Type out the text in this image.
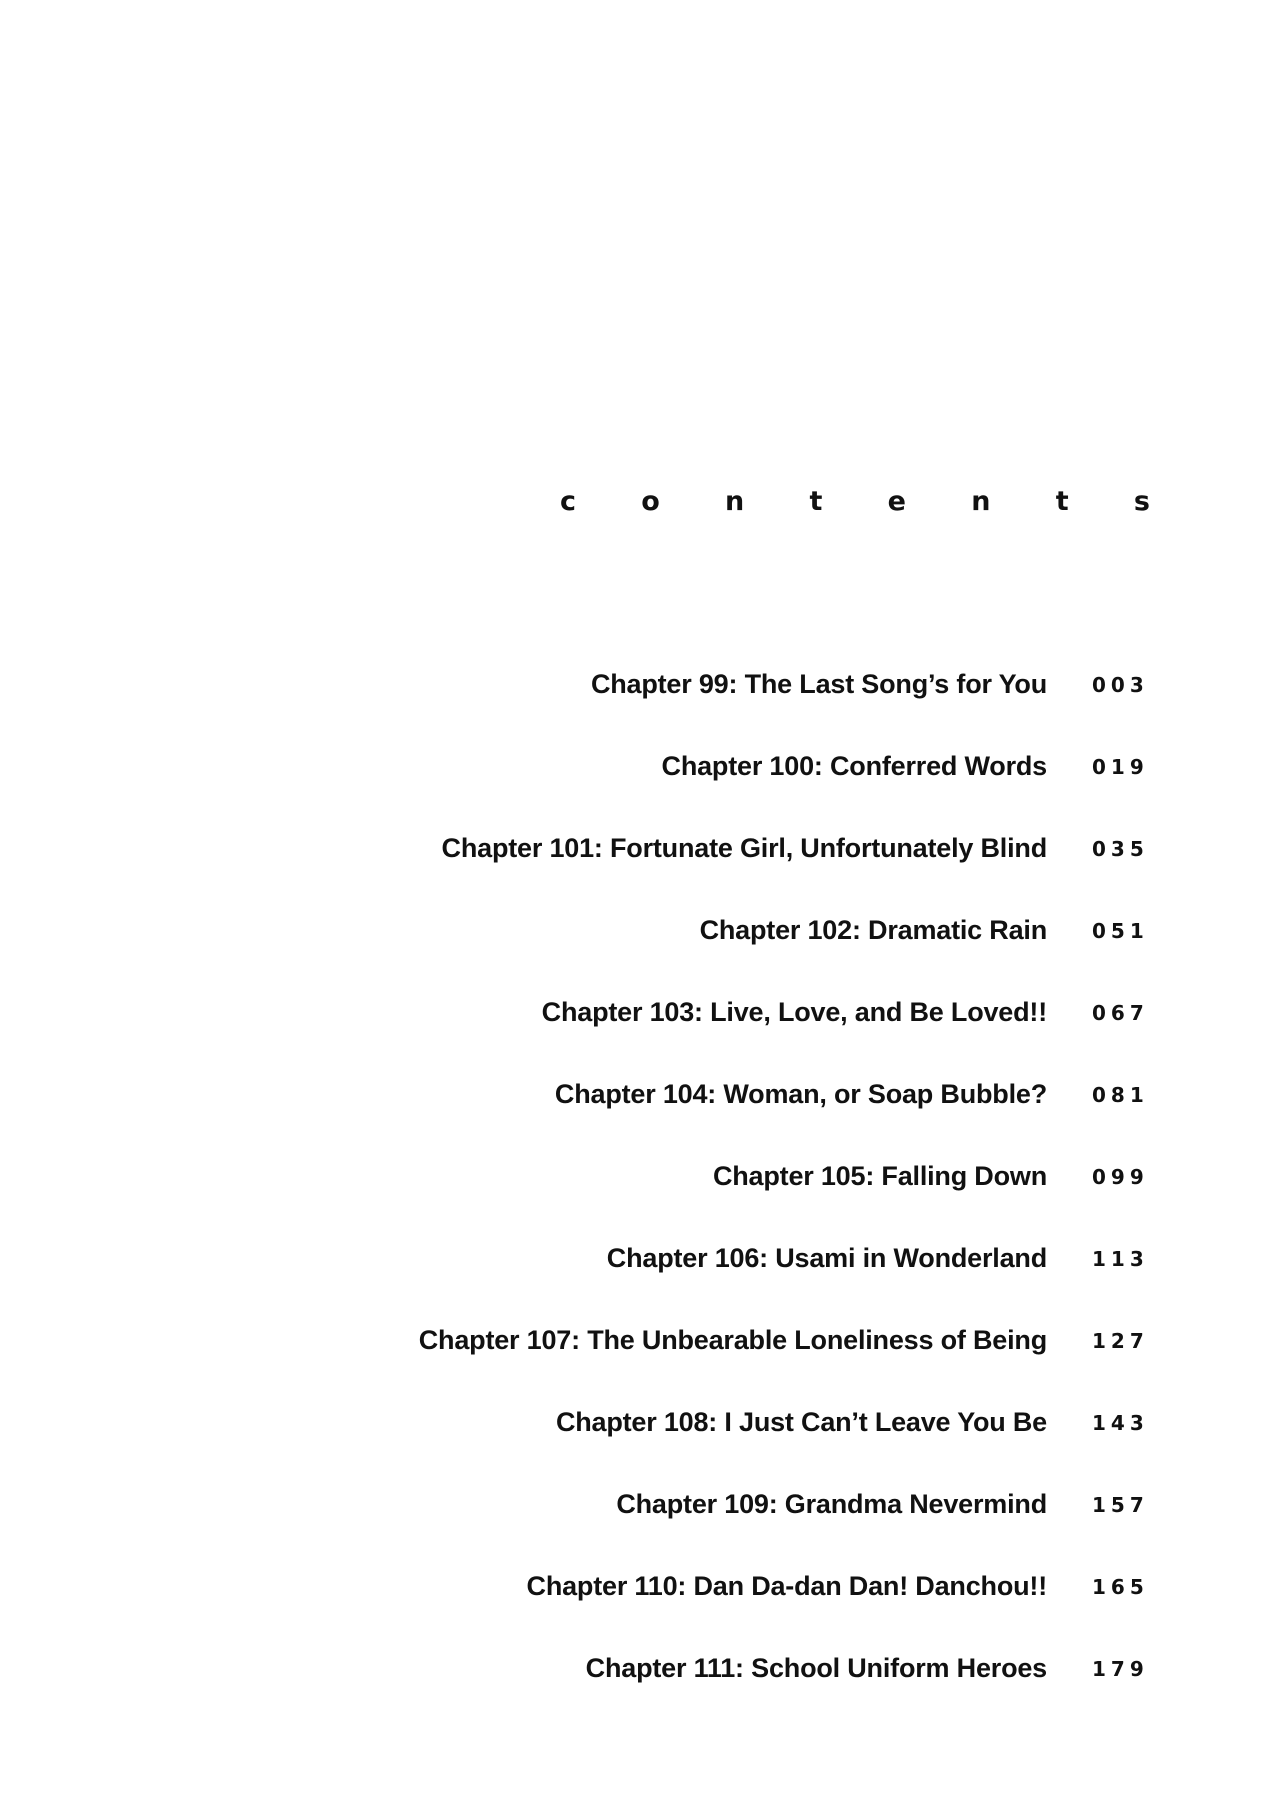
c o n t e n t s
Chapter 99: The Last Song’s for You 003
Chapter 100: Conferred Words 019
Chapter 101: Fortunate Girl, Unfortunately Blind 035
Chapter 102: Dramatic Rain 051
Chapter 103: Live, Love, and Be Loved!! 067
Chapter 104: Woman, or Soap Bubble? 081
Chapter 105: Falling Down 099
Chapter 106: Usami in Wonderland 113
Chapter 107: The Unbearable Loneliness of Being 127
Chapter 108: I Just Can’t Leave You Be 143
Chapter 109: Grandma Nevermind 157
Chapter 110: Dan Da-dan Dan! Danchou!! 165
Chapter 111: School Uniform Heroes 179
